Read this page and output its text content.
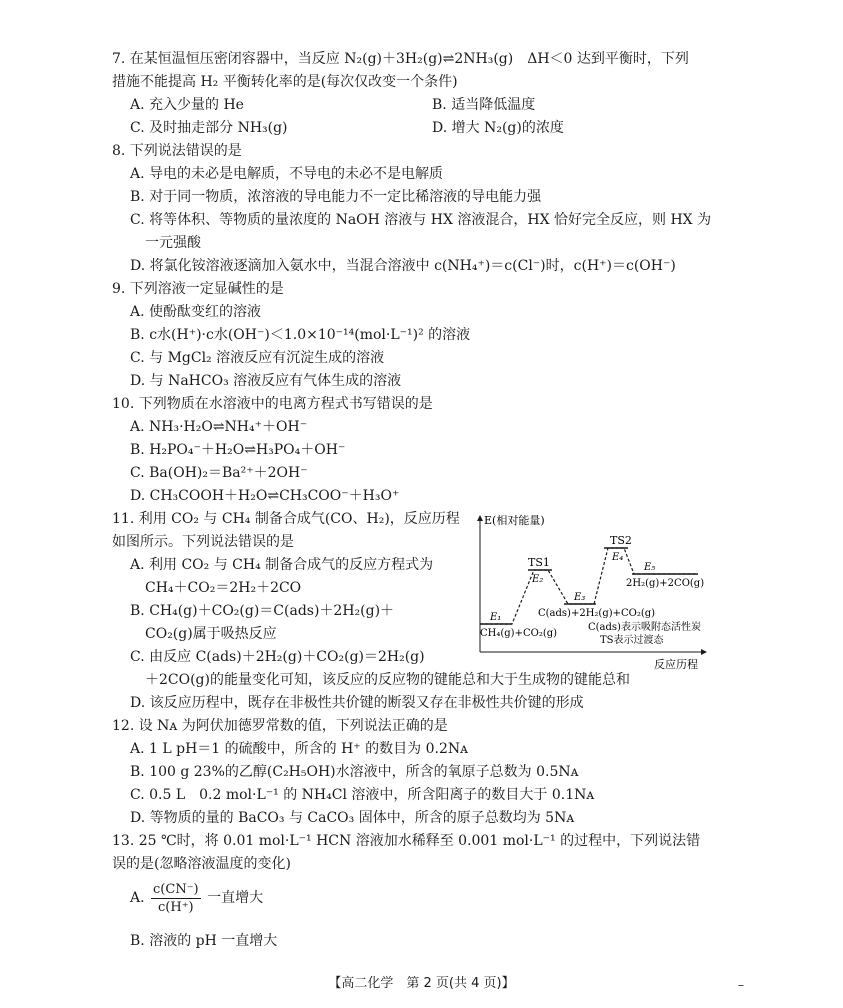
7. 在某恒温恒压密闭容器中，当反应 N₂(g)＋3H₂(g)⇌2NH₃(g)　ΔH＜0 达到平衡时，下列
措施不能提高 H₂ 平衡转化率的是(每次仅改变一个条件)
A. 充入少量的 He	B. 适当降低温度
C. 及时抽走部分 NH₃(g)	D. 增大 N₂(g)的浓度
8. 下列说法错误的是
A. 导电的未必是电解质，不导电的未必不是电解质
B. 对于同一物质，浓溶液的导电能力不一定比稀溶液的导电能力强
C. 将等体积、等物质的量浓度的 NaOH 溶液与 HX 溶液混合，HX 恰好完全反应，则 HX 为
一元强酸
D. 将氯化铵溶液逐滴加入氨水中，当混合溶液中 c(NH₄⁺)＝c(Cl⁻)时，c(H⁺)＝c(OH⁻)
9. 下列溶液一定显碱性的是
A. 使酚酞变红的溶液
B. c水(H⁺)·c水(OH⁻)＜1.0×10⁻¹⁴(mol·L⁻¹)² 的溶液
C. 与 MgCl₂ 溶液反应有沉淀生成的溶液
D. 与 NaHCO₃ 溶液反应有气体生成的溶液
10. 下列物质在水溶液中的电离方程式书写错误的是
A. NH₃·H₂O⇌NH₄⁺＋OH⁻
B. H₂PO₄⁻＋H₂O⇌H₃PO₄＋OH⁻
C. Ba(OH)₂＝Ba²⁺＋2OH⁻
D. CH₃COOH＋H₂O⇌CH₃COO⁻＋H₃O⁺
11. 利用 CO₂ 与 CH₄ 制备合成气(CO、H₂)，反应历程
如图所示。下列说法错误的是
A. 利用 CO₂ 与 CH₄ 制备合成气的反应方程式为
CH₄＋CO₂＝2H₂＋2CO
B. CH₄(g)＋CO₂(g)＝C(ads)＋2H₂(g)＋
CO₂(g)属于吸热反应
C. 由反应 C(ads)＋2H₂(g)＋CO₂(g)＝2H₂(g)
＋2CO(g)的能量变化可知，该反应的反应物的键能总和大于生成物的键能总和
D. 该反应历程中，既存在非极性共价键的断裂又存在非极性共价键的形成
E(相对能量)
反应历程
TS1
TS2
E₁
E₂
E₃
E₄
E₅
CH₄(g)+CO₂(g)
C(ads)+2H₂(g)+CO₂(g)
2H₂(g)+2CO(g)
C(ads)表示吸附态活性炭
TS表示过渡态
12. 设 Nᴀ 为阿伏加德罗常数的值，下列说法正确的是
A. 1 L pH＝1 的硫酸中，所含的 H⁺ 的数目为 0.2Nᴀ
B. 100 g 23%的乙醇(C₂H₅OH)水溶液中，所含的氧原子总数为 0.5Nᴀ
C. 0.5 L　0.2 mol·L⁻¹ 的 NH₄Cl 溶液中，所含阳离子的数目大于 0.1Nᴀ
D. 等物质的量的 BaCO₃ 与 CaCO₃ 固体中，所含的原子总数均为 5Nᴀ
13. 25 ℃时，将 0.01 mol·L⁻¹ HCN 溶液加水稀释至 0.001 mol·L⁻¹ 的过程中，下列说法错
误的是(忽略溶液温度的变化)
A. $\frac{c(CN^-)}{c(H^+)}$ 一直增大
B. 溶液的 pH 一直增大
【高二化学　第 2 页(共 4 页)】	–
